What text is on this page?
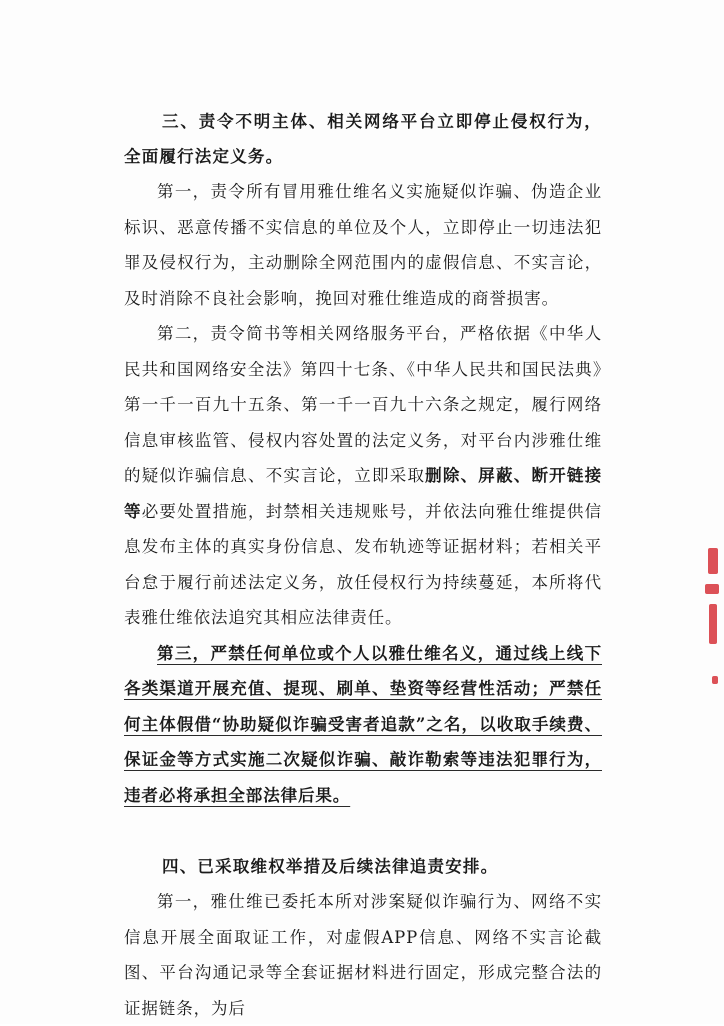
三、责令不明主体、相关网络平台立即停止侵权行为，全面履行法定义务。

第一，责令所有冒用雅仕维名义实施疑似诈骗、伪造企业标识、恶意传播不实信息的单位及个人，立即停止一切违法犯罪及侵权行为，主动删除全网范围内的虚假信息、不实言论，及时消除不良社会影响，挽回对雅仕维造成的商誉损害。

第二，责令简书等相关网络服务平台，严格依据《中华人民共和国网络安全法》第四十七条、《中华人民共和国民法典》第一千一百九十五条、第一千一百九十六条之规定，履行网络信息审核监管、侵权内容处置的法定义务，对平台内涉雅仕维的疑似诈骗信息、不实言论，立即采取删除、屏蔽、断开链接等必要处置措施，封禁相关违规账号，并依法向雅仕维提供信息发布主体的真实身份信息、发布轨迹等证据材料；若相关平台怠于履行前述法定义务，放任侵权行为持续蔓延，本所将代表雅仕维依法追究其相应法律责任。

第三，严禁任何单位或个人以雅仕维名义，通过线上线下各类渠道开展充值、提现、刷单、垫资等经营性活动；严禁任何主体假借“协助疑似诈骗受害者追款”之名，以收取手续费、保证金等方式实施二次疑似诈骗、敲诈勒索等违法犯罪行为，违者必将承担全部法律后果。

四、已采取维权举措及后续法律追责安排。

第一，雅仕维已委托本所对涉案疑似诈骗行为、网络不实信息开展全面取证工作，对虚假APP信息、网络不实言论截图、平台沟通记录等全套证据材料进行固定，形成完整合法的证据链条，为后
